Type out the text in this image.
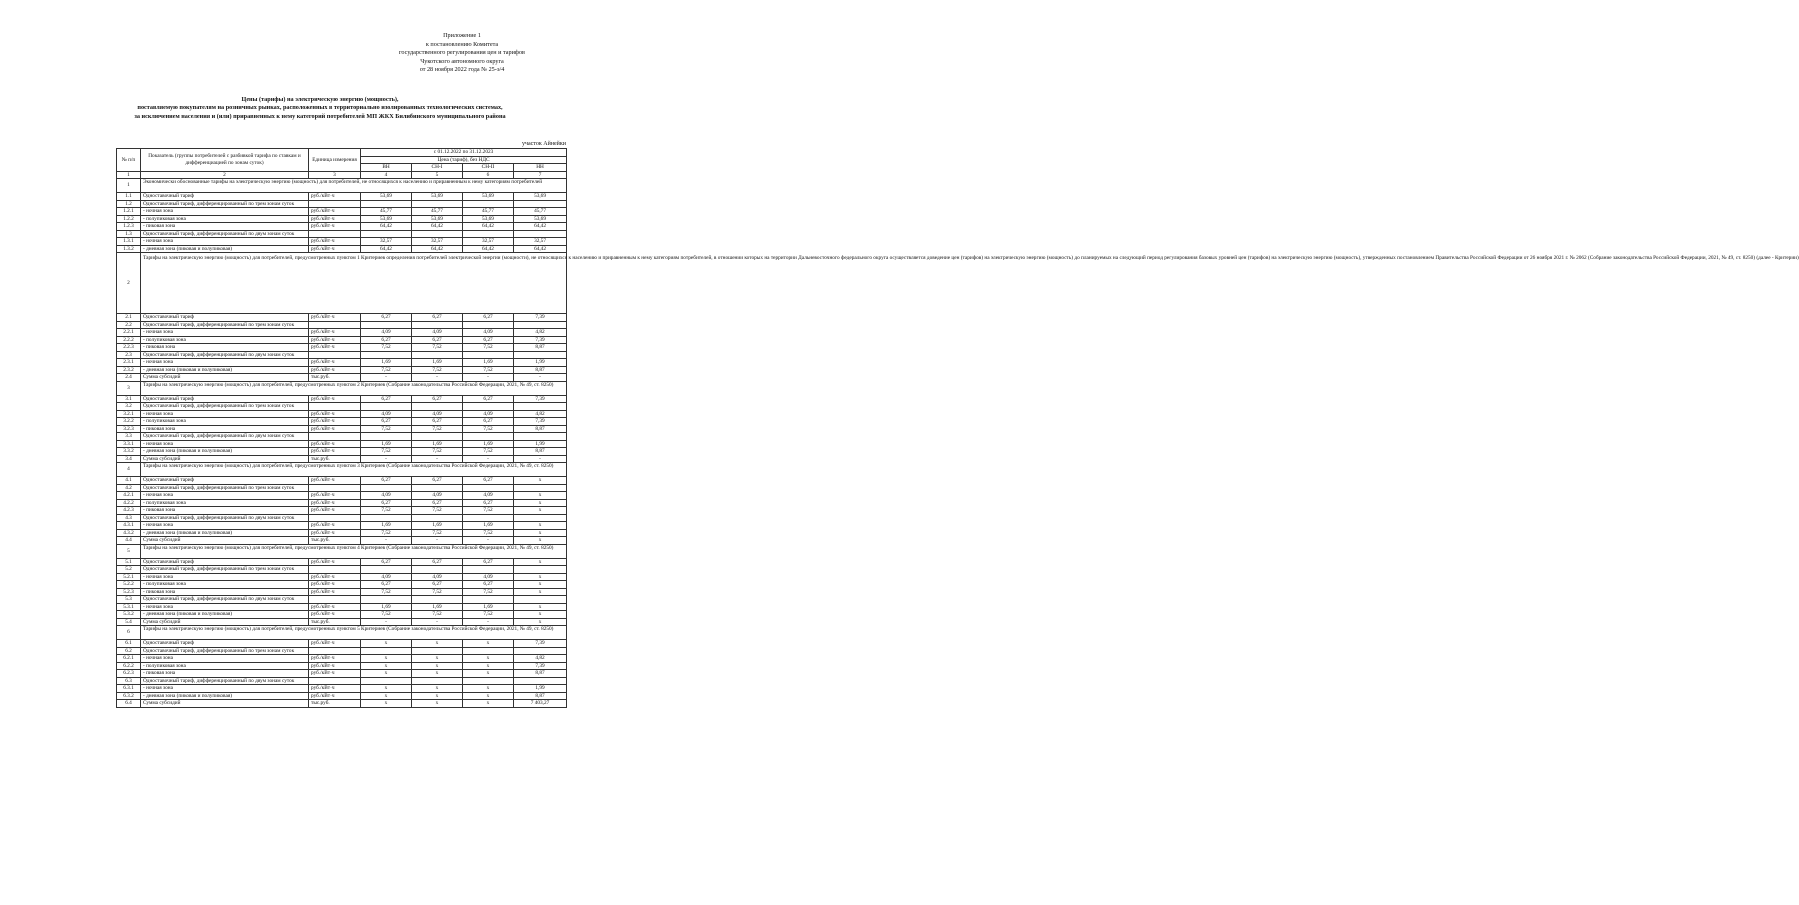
Приложение 1
к постановлению Комитета
государственного регулирования цен и тарифов
Чукотского автономного округа
от 28 ноября 2022 года № 25-э/4
Цены (тарифы) на электрическую энергию (мощность),
поставляемую покупателям на розничных рынках, расположенных в территориально изолированных технологических системах,
за исключением населения и (или) приравненных к нему категорий потребителей МП ЖКХ Билибинского муниципального района
участок Айнейки
№ п/п	Показатель (группы потребителей с разбивкой тарифа по ставкам и дифференциацией по зонам суток)	Единица измерения	с 01.12.2022 по 31.12.2023			
			Цена (тариф), без НДС			
			ВН	СН-I	СН-II	НН
1	2	3	4	5	6	7
1	Экономически обоснованные тарифы на электрическую энергию (мощность) для потребителей, не относящихся к населению и приравненным к нему категориям потребителей					
1.1	Одноставочный тариф	руб./кВт·ч	53,69	53,69	53,69	53,69
1.2	Одноставочный тариф, дифференцированный по трем зонам суток					
1.2.1	- ночная зона	руб./кВт·ч	45,77	45,77	45,77	45,77
1.2.2	- полупиковая зона	руб./кВт·ч	53,69	53,69	53,69	53,69
1.2.3	- пиковая зона	руб./кВт·ч	64,42	64,42	64,42	64,42
1.3	Одноставочный тариф, дифференцированный по двум зонам суток					
1.3.1	- ночная зона	руб./кВт·ч	32,57	32,57	32,57	32,57
1.3.2	- дневная зона (пиковая и полупиковая)	руб./кВт·ч	64,42	64,42	64,42	64,42
2	Тарифы на электрическую энергию (мощность) для потребителей, предусмотренных пунктом 1 Критериев определения потребителей электрической энергии (мощности), не относящихся к населению и приравненным к нему категориям потребителей, в отношении которых на территории Дальневосточного федерального округа осуществляется доведение цен (тарифов) на электрическую энергию (мощность) до планируемых на следующий период регулирования базовых уровней цен (тарифов) на электрическую энергию (мощность), утвержденных постановлением Правительства Российской Федерации от 26 ноября 2021 г. № 2062 (Собрание законодательства Российской Федерации, 2021, № 49, ст. 8250) (далее - Критерии)					
2.1	Одноставочный тариф	руб./кВт·ч	6,27	6,27	6,27	7,39
2.2	Одноставочный тариф, дифференцированный по трем зонам суток					
2.2.1	- ночная зона	руб./кВт·ч	4,09	4,09	4,09	4,82
2.2.2	- полупиковая зона	руб./кВт·ч	6,27	6,27	6,27	7,39
2.2.3	- пиковая зона	руб./кВт·ч	7,52	7,52	7,52	8,87
2.3	Одноставочный тариф, дифференцированный по двум зонам суток					
2.3.1	- ночная зона	руб./кВт·ч	1,69	1,69	1,69	1,99
2.3.2	- дневная зона (пиковая и полупиковая)	руб./кВт·ч	7,52	7,52	7,52	8,87
2.4	Сумма субсидий	тыс.руб.	-	-	-	-
3	Тарифы на электрическую энергию (мощность) для потребителей, предусмотренных пунктом 2 Критериев (Собрание законодательства Российской Федерации, 2021, № 49, ст. 8250)					
3.1	Одноставочный тариф	руб./кВт·ч	6,27	6,27	6,27	7,39
3.2	Одноставочный тариф, дифференцированный по трем зонам суток					
3.2.1	- ночная зона	руб./кВт·ч	4,09	4,09	4,09	4,82
3.2.2	- полупиковая зона	руб./кВт·ч	6,27	6,27	6,27	7,39
3.2.3	- пиковая зона	руб./кВт·ч	7,52	7,52	7,52	8,87
3.3	Одноставочный тариф, дифференцированный по двум зонам суток					
3.3.1	- ночная зона	руб./кВт·ч	1,69	1,69	1,69	1,99
3.3.2	- дневная зона (пиковая и полупиковая)	руб./кВт·ч	7,52	7,52	7,52	8,87
3.4	Сумма субсидий	тыс.руб.	-	-	-	-
4	Тарифы на электрическую энергию (мощность) для потребителей, предусмотренных пунктом 3 Критериев (Собрание законодательства Российской Федерации, 2021, № 49, ст. 8250)					
4.1	Одноставочный тариф	руб./кВт·ч	6,27	6,27	6,27	x
4.2	Одноставочный тариф, дифференцированный по трем зонам суток					
4.2.1	- ночная зона	руб./кВт·ч	4,09	4,09	4,09	x
4.2.2	- полупиковая зона	руб./кВт·ч	6,27	6,27	6,27	x
4.2.3	- пиковая зона	руб./кВт·ч	7,52	7,52	7,52	x
4.3	Одноставочный тариф, дифференцированный по двум зонам суток					
4.3.1	- ночная зона	руб./кВт·ч	1,69	1,69	1,69	x
4.3.2	- дневная зона (пиковая и полупиковая)	руб./кВт·ч	7,52	7,52	7,52	x
4.4	Сумма субсидий	тыс.руб.	-	-	-	x
5	Тарифы на электрическую энергию (мощность) для потребителей, предусмотренных пунктом 4 Критериев (Собрание законодательства Российской Федерации, 2021, № 49, ст. 8250)					
5.1	Одноставочный тариф	руб./кВт·ч	6,27	6,27	6,27	x
5.2	Одноставочный тариф, дифференцированный по трем зонам суток					
5.2.1	- ночная зона	руб./кВт·ч	4,09	4,09	4,09	x
5.2.2	- полупиковая зона	руб./кВт·ч	6,27	6,27	6,27	x
5.2.3	- пиковая зона	руб./кВт·ч	7,52	7,52	7,52	x
5.3	Одноставочный тариф, дифференцированный по двум зонам суток					
5.3.1	- ночная зона	руб./кВт·ч	1,69	1,69	1,69	x
5.3.2	- дневная зона (пиковая и полупиковая)	руб./кВт·ч	7,52	7,52	7,52	x
5.4	Сумма субсидий	тыс.руб.	-	-	-	x
6	Тарифы на электрическую энергию (мощность) для потребителей, предусмотренных пунктом 5 Критериев (Собрание законодательства Российской Федерации, 2021, № 49, ст. 8250)					
6.1	Одноставочный тариф	руб./кВт·ч	x	x	x	7,39
6.2	Одноставочный тариф, дифференцированный по трем зонам суток					
6.2.1	- ночная зона	руб./кВт·ч	x	x	x	4,82
6.2.2	- полупиковая зона	руб./кВт·ч	x	x	x	7,39
6.2.3	- пиковая зона	руб./кВт·ч	x	x	x	8,87
6.3	Одноставочный тариф, дифференцированный по двум зонам суток					
6.3.1	- ночная зона	руб./кВт·ч	x	x	x	1,99
6.3.2	- дневная зона (пиковая и полупиковая)	руб./кВт·ч	x	x	x	8,87
6.4	Сумма субсидий	тыс.руб.	x	x	x	7 403,27
